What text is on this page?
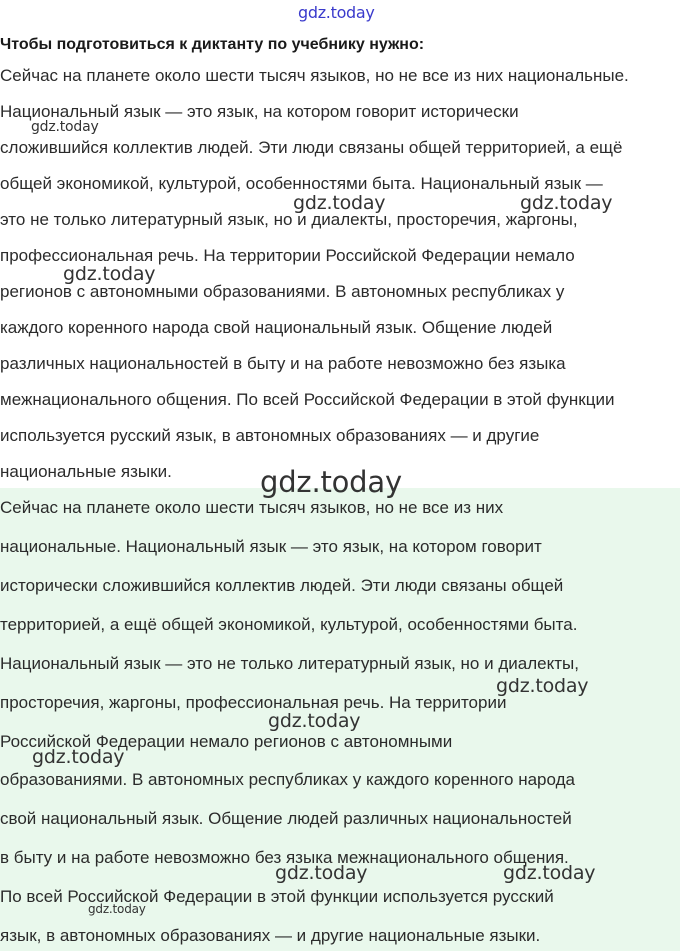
gdz.today
Чтобы подготовиться к диктанту по учебнику нужно:
Сейчас на планете около шести тысяч языков, но не все из них национальные.
Национальный язык — это язык, на котором говорит исторически
сложившийся коллектив людей. Эти люди связаны общей территорией, а ещё
общей экономикой, культурой, особенностями быта. Национальный язык —
это не только литературный язык, но и диалекты, просторечия, жаргоны,
профессиональная речь. На территории Российской Федерации немало
регионов с автономными образованиями. В автономных республиках у
каждого коренного народа свой национальный язык. Общение людей
различных национальностей в быту и на работе невозможно без языка
межнационального общения. По всей Российской Федерации в этой функции
используется русский язык, в автономных образованиях — и другие
национальные языки.
Сейчас на планете около шести тысяч языков, но не все из них
национальные. Национальный язык — это язык, на котором говорит
исторически сложившийся коллектив людей. Эти люди связаны общей
территорией, а ещё общей экономикой, культурой, особенностями быта.
Национальный язык — это не только литературный язык, но и диалекты,
просторечия, жаргоны, профессиональная речь. На территории
Российской Федерации немало регионов с автономными
образованиями. В автономных республиках у каждого коренного народа
свой национальный язык. Общение людей различных национальностей
в быту и на работе невозможно без языка межнационального общения.
По всей Российской Федерации в этой функции используется русский
язык, в автономных образованиях — и другие национальные языки.
gdz.today
gdz.today	gdz.today
gdz.today
gdz.today
gdz.today
gdz.today
gdz.today
gdz.today	gdz.today
gdz.today
